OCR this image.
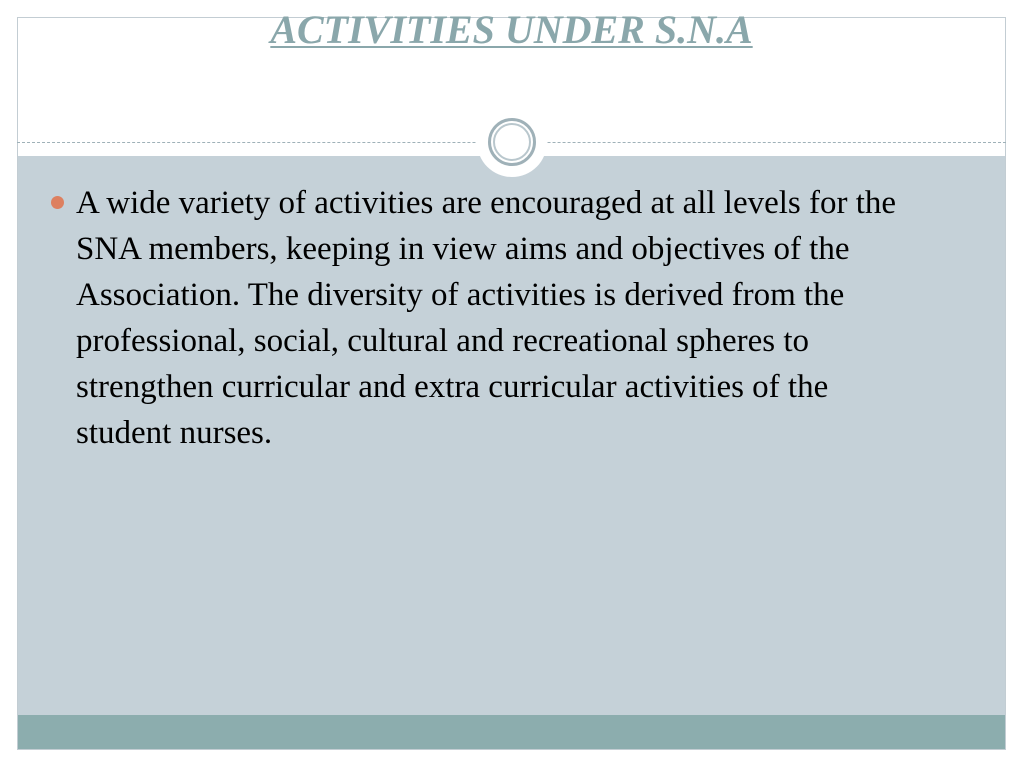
ACTIVITIES UNDER S.N.A
A wide variety of activities are encouraged at all levels for the SNA members, keeping in view aims and objectives of the Association. The diversity of activities is derived from the professional, social, cultural and recreational spheres to strengthen curricular and extra curricular activities of the student nurses.
